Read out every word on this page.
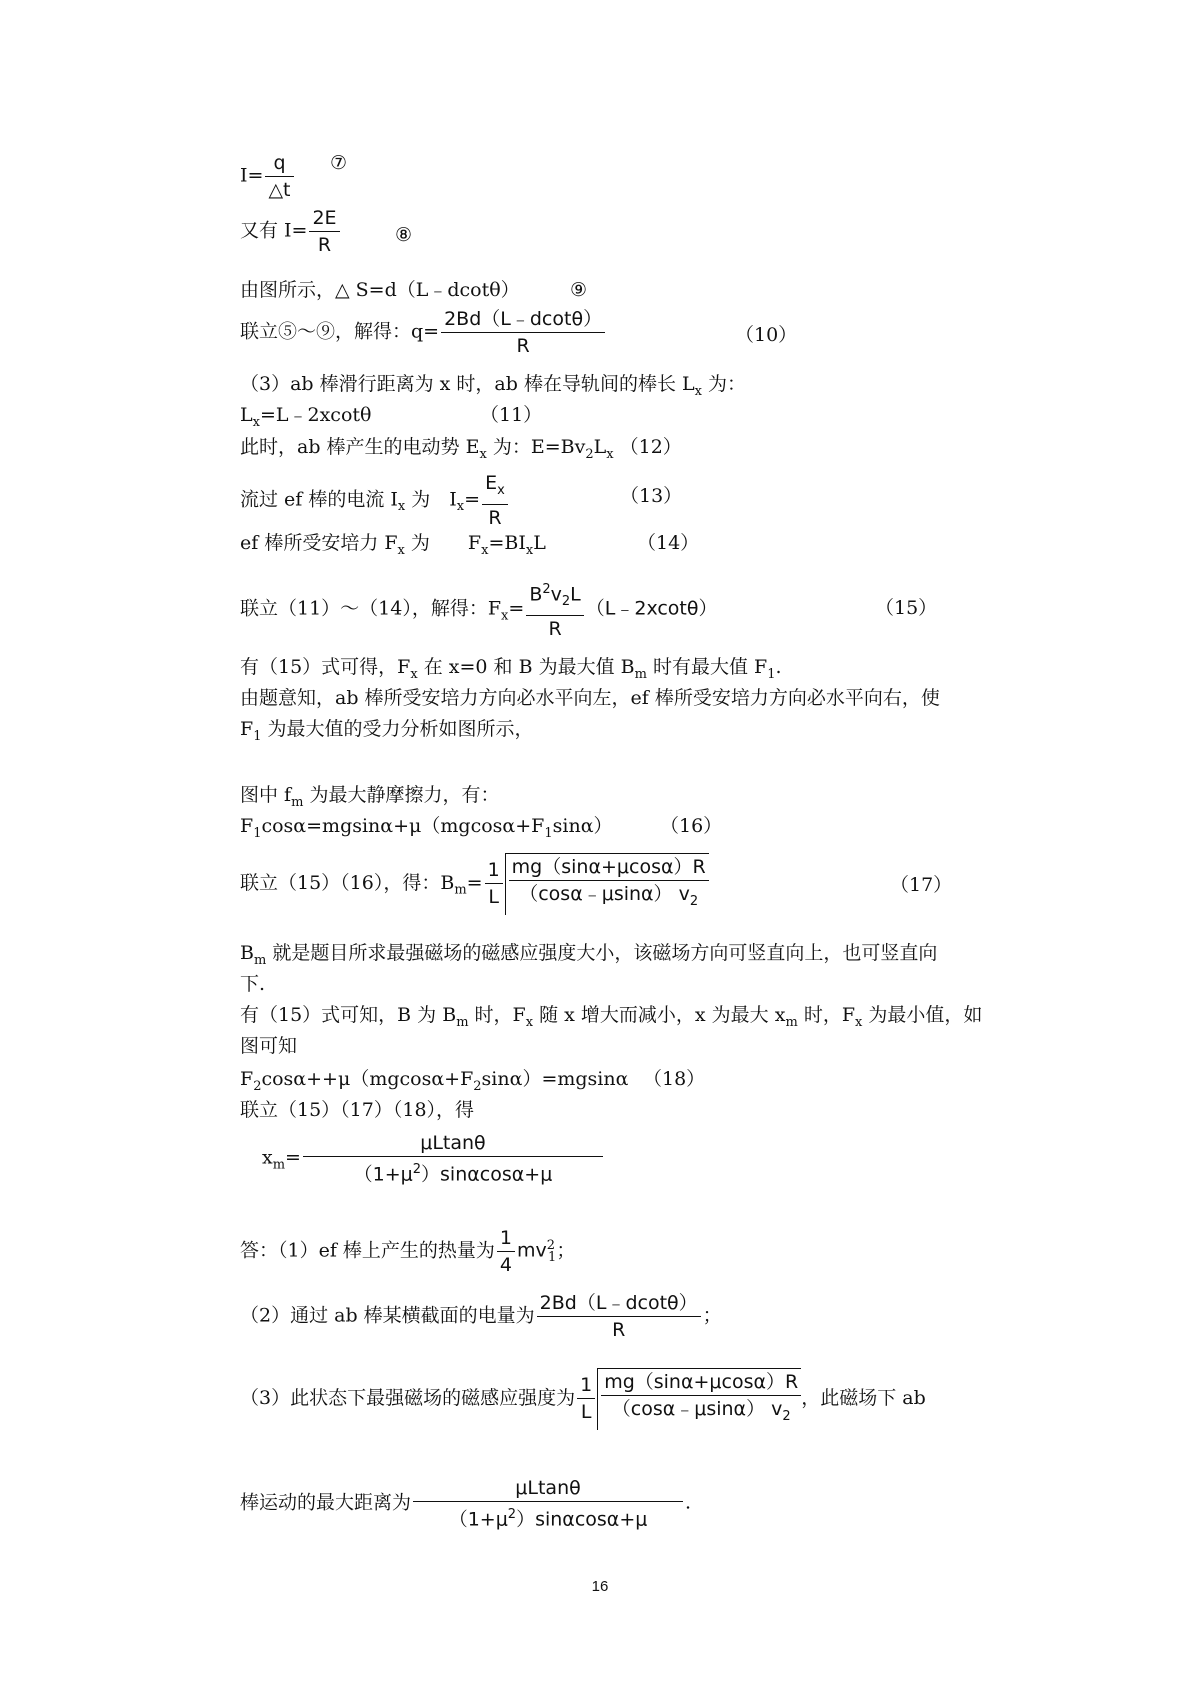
$I= \frac{q}{\triangle t}$ ⑦
又有 $I= \frac{2E}{R}$	⑧
由图所示，△ S=d（L﹣dcotθ）	⑨
联立⑤～⑨，解得：$q= \frac{2Bd(L﹣dcot\theta)}{R}$	（10）
（3）ab 棒滑行距离为 x 时，ab 棒在导轨间的棒长 $L_x$ 为：
$L_x=L﹣2xcot\theta$	（11）
此时，ab 棒产生的电动势 $E_x$ 为：$E=Bv_2L_x$ （12）
流过 ef 棒的电流 $I_x$ 为　$I_x= \frac{E_x}{R}$	（13）
ef 棒所受安培力 $F_x$ 为　　$F_x=BI_xL$	（14）
联立（11）～（14），解得：$F_x= \frac{B^2v_2L}{R}$ （L﹣2xcotθ）	（15）
有（15）式可得，$F_x$ 在 x=0 和 B 为最大值 $B_m$ 时有最大值 $F_1$.
由题意知，ab 棒所受安培力方向必水平向左，ef 棒所受安培力方向必水平向右，使
$F_1$ 为最大值的受力分析如图所示，
图中 $f_m$ 为最大静摩擦力，有：
$F_1\cos\alpha=mgsin\alpha+\mu(mgcos\alpha+F_1\sin\alpha)$ （16）
联立（15）（16），得：$B_m= \frac{1}{L} \frac{mg(\sin\alpha+\mu\cos\alpha)R}{(\cos\alpha﹣\mu\sin\alpha) v_2}$	（17）
$B_m$ 就是题目所求最强磁场的磁感应强度大小，该磁场方向可竖直向上，也可竖直向
下.
有（15）式可知，B 为 $B_m$ 时，$F_x$ 随 x 增大而减小，x 为最大 $x_m$ 时，$F_x$ 为最小值，如
图可知
$F_2\cos\alpha++\mu(mgcos\alpha+F_2\sin\alpha)=mgsin\alpha$ （18）
联立（15）（17）（18），得
$x_m= \frac{\mu Ltan\theta}{(1+\mu^2)\sin\alpha\cos\alpha+\mu}$
答：（1）ef 棒上产生的热量为 $\frac{1}{4} mv^2_1$；
（2）通过 ab 棒某横截面的电量为 $\frac{2Bd(L﹣dcot\theta)}{R}$ ；
（3）此状态下最强磁场的磁感应强度为 $\frac{1}{L} \frac{mg(\sin\alpha+\mu\cos\alpha)R}{(\cos\alpha﹣\mu\sin\alpha) v_2}$ ，此磁场下 ab
棒运动的最大距离为 $\frac{\mu Ltan\theta}{(1+\mu^2)\sin\alpha\cos\alpha+\mu}$ .
16
